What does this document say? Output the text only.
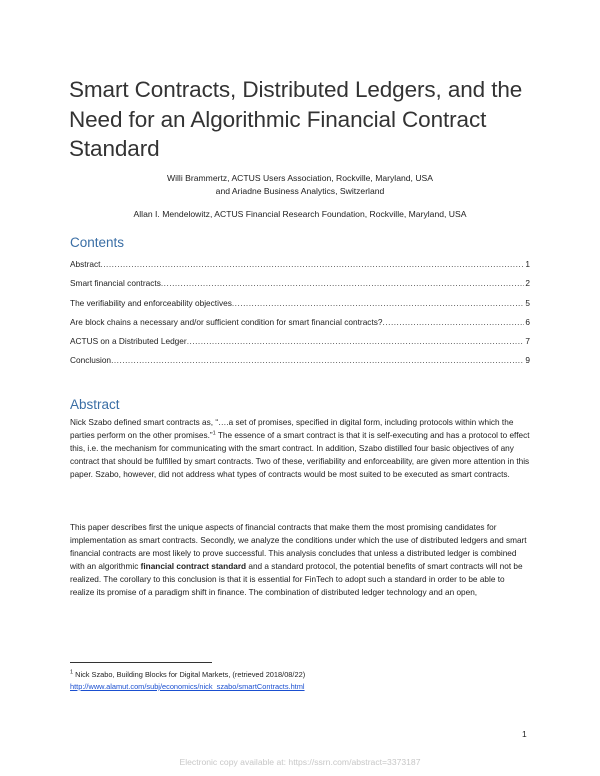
Smart Contracts, Distributed Ledgers, and the Need for an Algorithmic Financial Contract Standard
Willi Brammertz, ACTUS Users Association, Rockville, Maryland, USA
and Ariadne Business Analytics, Switzerland
Allan I. Mendelowitz, ACTUS Financial Research Foundation, Rockville, Maryland, USA
Contents
Abstract .....	1
Smart financial contracts .....	2
The verifiability and enforceability objectives .....	5
Are block chains a necessary and/or sufficient condition for smart financial contracts? .....	6
ACTUS on a Distributed Ledger .....	7
Conclusion .....	9
Abstract

Nick Szabo defined smart contracts as, “….a set of promises, specified in digital form, including protocols within which the parties perform on the other promises.”$^1$ The essence of a smart contract is that it is self-executing and has a protocol to effect this, i.e. the mechanism for communicating with the smart contract. In addition, Szabo distilled four basic objectives of any contract that should be fulfilled by smart contracts. Two of these, verifiability and enforceability, are given more attention in this paper. Szabo, however, did not address what types of contracts would be most suited to be executed as smart contracts.

This paper describes first the unique aspects of financial contracts that make them the most promising candidates for implementation as smart contracts. Secondly, we analyze the conditions under which the use of distributed ledgers and smart financial contracts are most likely to prove successful. This analysis concludes that unless a distributed ledger is combined with an algorithmic financial contract standard and a standard protocol, the potential benefits of smart contracts will not be realized. The corollary to this conclusion is that it is essential for FinTech to adopt such a standard in order to be able to realize its promise of a paradigm shift in finance. The combination of distributed ledger technology and an open,

$^1$ Nick Szabo, Building Blocks for Digital Markets, (retrieved 2018/08/22)
http://www.alamut.com/subj/economics/nick_szabo/smartContracts.html
1
Electronic copy available at: https://ssrn.com/abstract=3373187
